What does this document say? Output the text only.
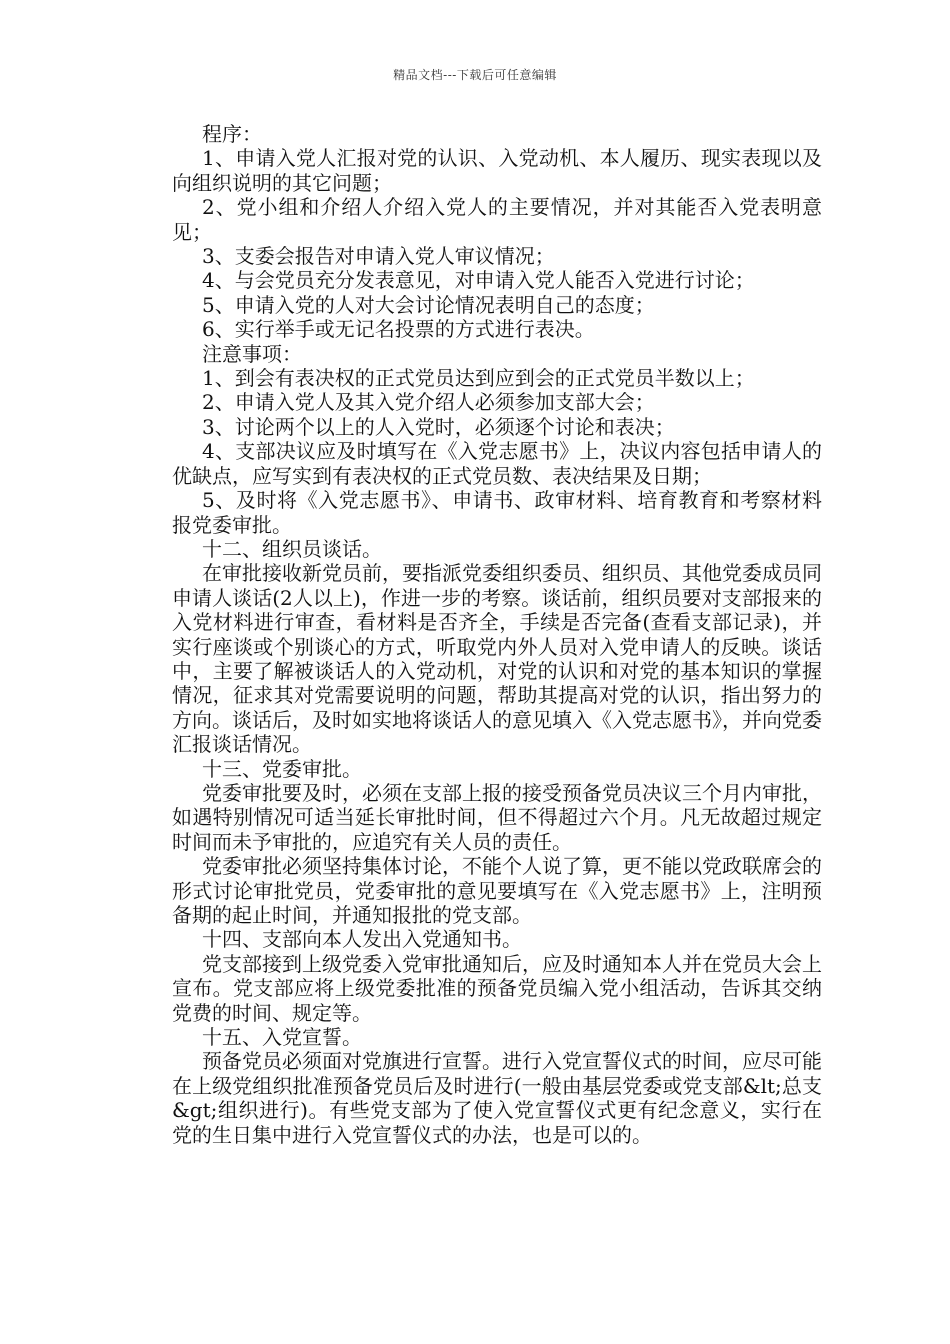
精品文档---下载后可任意编辑

程序：

1、申请入党人汇报对党的认识、入党动机、本人履历、现实表现以及向组织说明的其它问题；

2、党小组和介绍人介绍入党人的主要情况，并对其能否入党表明意见；

3、支委会报告对申请入党人审议情况；

4、与会党员充分发表意见，对申请入党人能否入党进行讨论；

5、申请入党的人对大会讨论情况表明自己的态度；

6、实行举手或无记名投票的方式进行表决。

注意事项：

1、到会有表决权的正式党员达到应到会的正式党员半数以上；

2、申请入党人及其入党介绍人必须参加支部大会；

3、讨论两个以上的人入党时，必须逐个讨论和表决；

4、支部决议应及时填写在《入党志愿书》上，决议内容包括申请人的优缺点，应写实到有表决权的正式党员数、表决结果及日期；

5、及时将《入党志愿书》、申请书、政审材料、培育教育和考察材料报党委审批。

十二、组织员谈话。

在审批接收新党员前，要指派党委组织委员、组织员、其他党委成员同申请人谈话(2人以上)，作进一步的考察。谈话前，组织员要对支部报来的入党材料进行审查，看材料是否齐全，手续是否完备(查看支部记录)，并实行座谈或个别谈心的方式，听取党内外人员对入党申请人的反映。谈话中，主要了解被谈话人的入党动机，对党的认识和对党的基本知识的掌握情况，征求其对党需要说明的问题，帮助其提高对党的认识，指出努力的方向。谈话后，及时如实地将谈话人的意见填入《入党志愿书》，并向党委汇报谈话情况。

十三、党委审批。

党委审批要及时，必须在支部上报的接受预备党员决议三个月内审批，如遇特别情况可适当延长审批时间，但不得超过六个月。凡无故超过规定时间而未予审批的，应追究有关人员的责任。

党委审批必须坚持集体讨论，不能个人说了算，更不能以党政联席会的形式讨论审批党员，党委审批的意见要填写在《入党志愿书》上，注明预备期的起止时间，并通知报批的党支部。

十四、支部向本人发出入党通知书。

党支部接到上级党委入党审批通知后，应及时通知本人并在党员大会上宣布。党支部应将上级党委批准的预备党员编入党小组活动，告诉其交纳党费的时间、规定等。

十五、入党宣誓。

预备党员必须面对党旗进行宣誓。进行入党宣誓仪式的时间，应尽可能在上级党组织批准预备党员后及时进行(一般由基层党委或党支部&lt;总支&gt;组织进行)。有些党支部为了使入党宣誓仪式更有纪念意义，实行在党的生日集中进行入党宣誓仪式的办法，也是可以的。
